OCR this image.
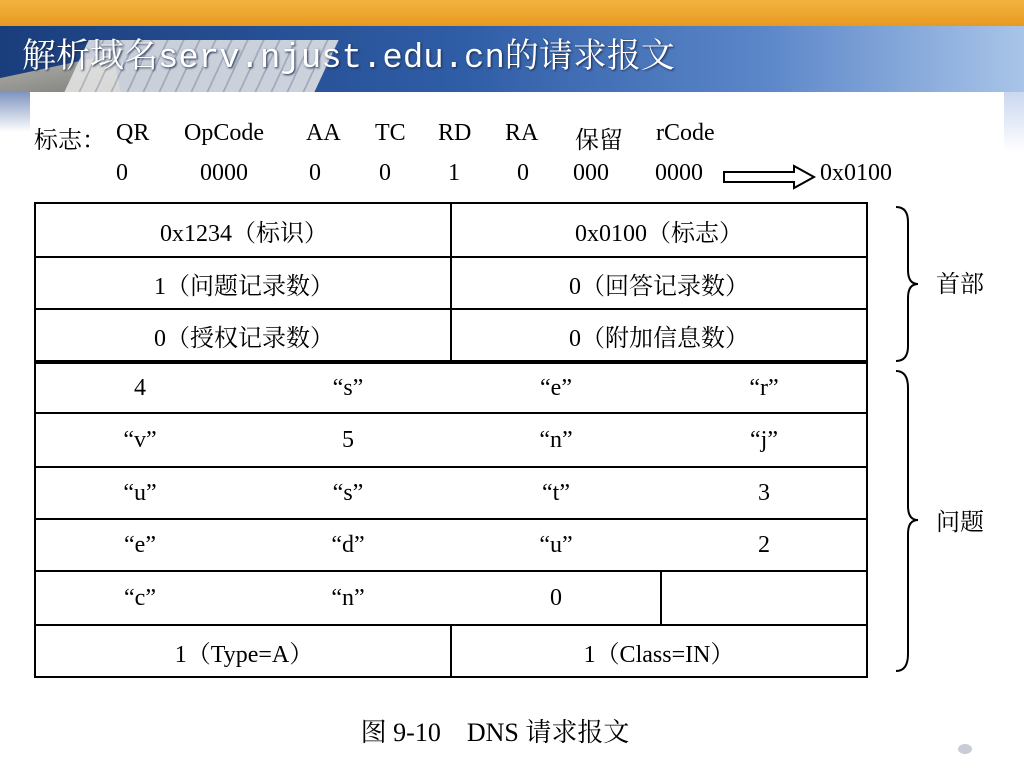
解析域名serv.njust.edu.cn的请求报文
标志： QR OpCode AA TC RD RA 保留 rCode
0	0000	0 0 1 0 000 0000	0x0100
0x1234（标识）	0x0100（标志）
1（问题记录数）	0（回答记录数）
0（授权记录数）	0（附加信息数）
4	“s”	“e”	“r”
“v”	5	“n”	“j”
“u”	“s”	“t”	3
“e”	“d”	“u”	2
“c”	“n”	0
1（Type=A）	1（Class=IN）
首部
问题
图 9-10　DNS 请求报文
